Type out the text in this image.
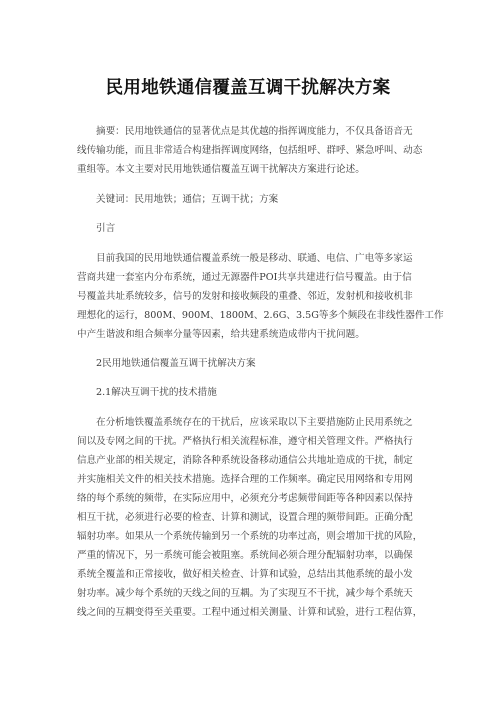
民用地铁通信覆盖互调干扰解决方案
摘要：民用地铁通信的显著优点是其优越的指挥调度能力，不仅具备语音无
线传输功能，而且非常适合构建指挥调度网络，包括组呼、群呼、紧急呼叫、动态
重组等。本文主要对民用地铁通信覆盖互调干扰解决方案进行论述。
关键词：民用地铁；通信；互调干扰；方案
引言
目前我国的民用地铁通信覆盖系统一般是移动、联通、电信、广电等多家运
营商共建一套室内分布系统，通过无源器件POI共享共建进行信号覆盖。由于信
号覆盖共址系统较多，信号的发射和接收频段的重叠、邻近，发射机和接收机非
理想化的运行，800M、900M、1800M、2.6G、3.5G等多个频段在非线性器件工作
中产生谐波和组合频率分量等因素，给共建系统造成带内干扰问题。
2民用地铁通信覆盖互调干扰解决方案
2.1解决互调干扰的技术措施
在分析地铁覆盖系统存在的干扰后，应该采取以下主要措施防止民用系统之
间以及专网之间的干扰。严格执行相关流程标准，遵守相关管理文件。严格执行
信息产业部的相关规定，消除各种系统设备移动通信公共地址造成的干扰，制定
并实施相关文件的相关技术措施。选择合理的工作频率。确定民用网络和专用网
络的每个系统的频带，在实际应用中，必须充分考虑频带间距等各种因素以保持
相互干扰，必须进行必要的检查、计算和测试，设置合理的频带间距。正确分配
辐射功率。如果从一个系统传输到另一个系统的功率过高，则会增加干扰的风险，
严重的情况下，另一系统可能会被阻塞。系统间必须合理分配辐射功率，以确保
系统全覆盖和正常接收，做好相关检查、计算和试验，总结出其他系统的最小发
射功率。减少每个系统的天线之间的互耦。为了实现互不干扰，减少每个系统天
线之间的互耦变得至关重要。工程中通过相关测量、计算和试验，进行工程估算，
